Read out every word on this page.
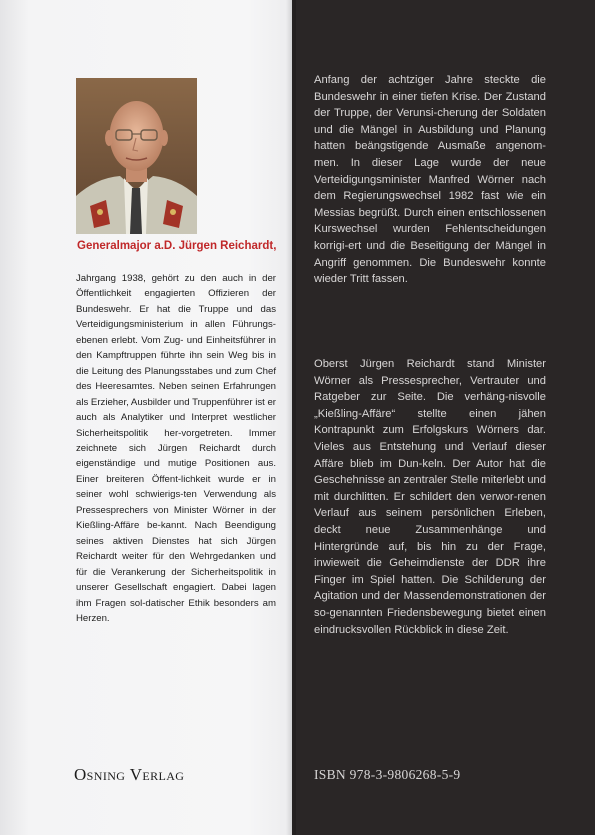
Generalmajor a.D. Jürgen Reichardt,

Jahrgang 1938, gehört zu den auch in der Öffentlichkeit engagierten Offizieren der Bundeswehr. Er hat die Truppe und das Verteidigungsministerium in allen Führungs-ebenen erlebt. Vom Zug- und Einheitsführer in den Kampftruppen führte ihn sein Weg bis in die Leitung des Planungsstabes und zum Chef des Heeresamtes. Neben seinen Erfahrungen als Erzieher, Ausbilder und Truppenführer ist er auch als Analytiker und Interpret westlicher Sicherheitspolitik her-vorgetreten. Immer zeichnete sich Jürgen Reichardt durch eigenständige und mutige Positionen aus. Einer breiteren Öffent-lichkeit wurde er in seiner wohl schwierigs-ten Verwendung als Pressesprechers von Minister Wörner in der Kießling-Affäre be-kannt. Nach Beendigung seines aktiven Dienstes hat sich Jürgen Reichardt weiter für den Wehrgedanken und für die Verankerung der Sicherheitspolitik in unserer Gesellschaft engagiert. Dabei lagen ihm Fragen sol-datischer Ethik besonders am Herzen.

Osning Verlag

Anfang der achtziger Jahre steckte die Bundeswehr in einer tiefen Krise. Der Zustand der Truppe, der Verunsi-cherung der Soldaten und die Mängel in Ausbildung und Planung hatten beängstigende Ausmaße angenom-men. In dieser Lage wurde der neue Verteidigungsminister Manfred Wörner nach dem Regierungswechsel 1982 fast wie ein Messias begrüßt. Durch einen entschlossenen Kurswechsel wurden Fehlentscheidungen korrigi-ert und die Beseitigung der Mängel in Angriff genommen. Die Bundeswehr konnte wieder Tritt fassen.

Oberst Jürgen Reichardt stand Minister Wörner als Pressesprecher, Vertrauter und Ratgeber zur Seite. Die verhäng-nisvolle „Kießling-Affäre“ stellte einen jähen Kontrapunkt zum Erfolgskurs Wörners dar. Vieles aus Entstehung und Verlauf dieser Affäre blieb im Dun-keln. Der Autor hat die Geschehnisse an zentraler Stelle miterlebt und mit durchlitten. Er schildert den verwor-renen Verlauf aus seinem persönlichen Erleben, deckt neue Zusammenhänge und Hintergründe auf, bis hin zu der Frage, inwieweit die Geheimdienste der DDR ihre Finger im Spiel hatten. Die Schilderung der Agitation und der Massendemonstrationen der so-genannten Friedensbewegung bietet einen eindrucksvollen Rückblick in diese Zeit.

ISBN 978-3-9806268-5-9
